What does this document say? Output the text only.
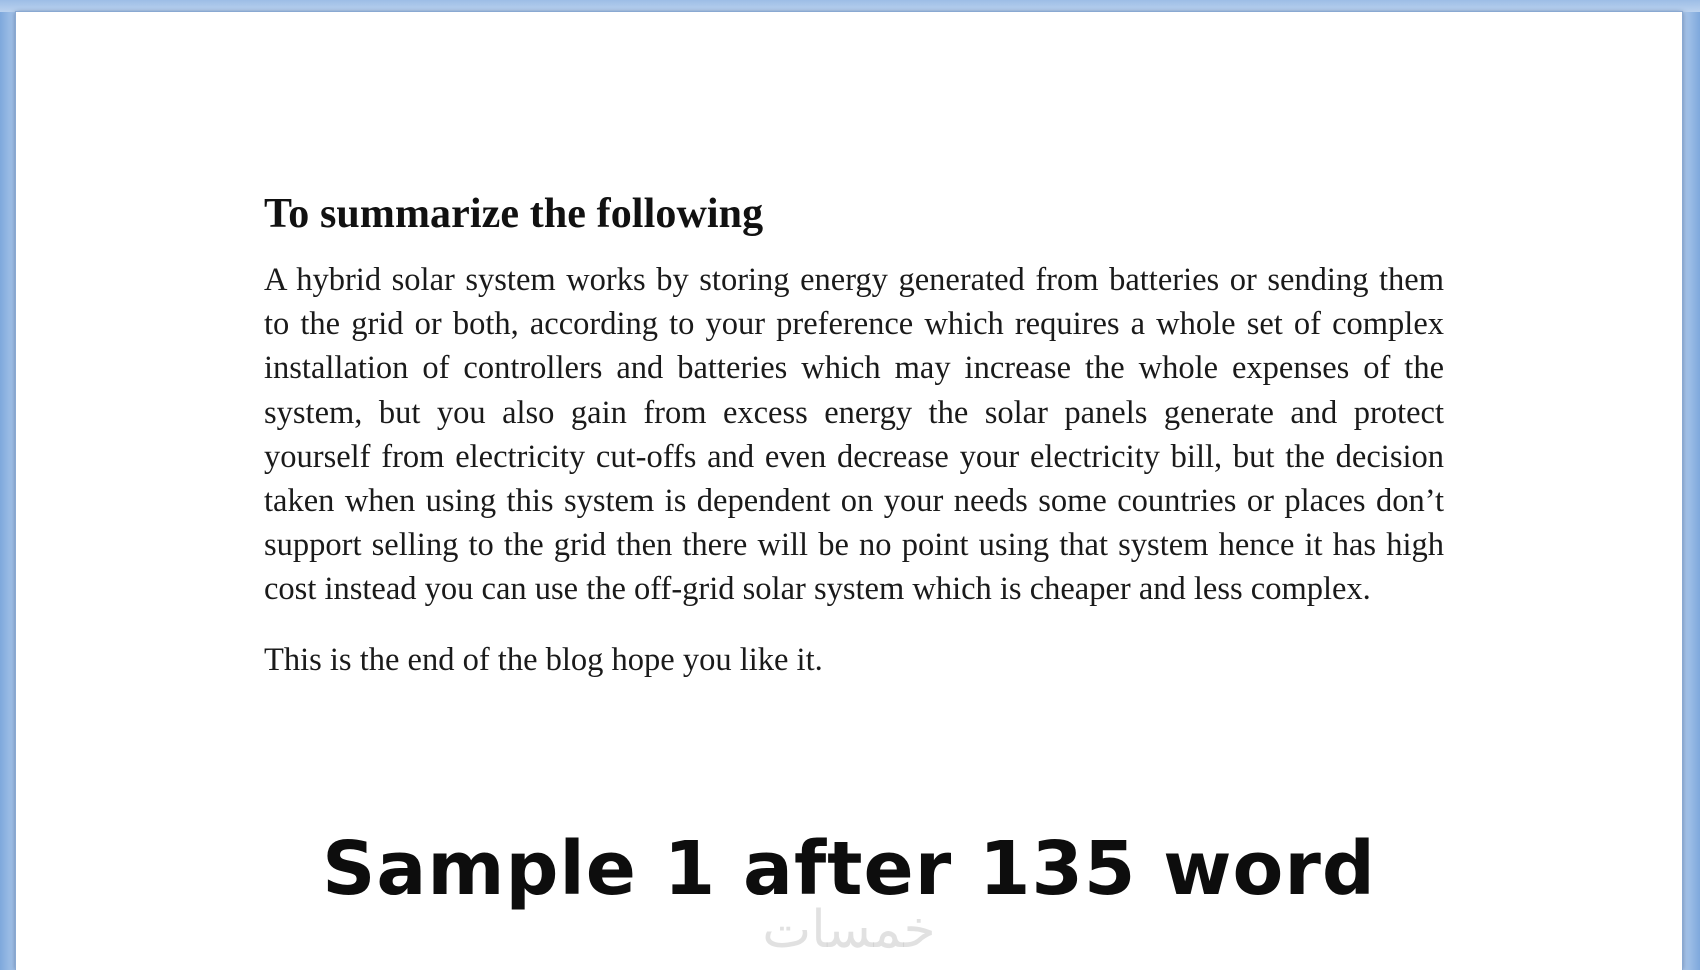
To summarize the following

A hybrid solar system works by storing energy generated from batteries or sending them to the grid or both, according to your preference which requires a whole set of complex installation of controllers and batteries which may increase the whole expenses of the system, but you also gain from excess energy the solar panels generate and protect yourself from electricity cut-offs and even decrease your electricity bill, but the decision taken when using this system is dependent on your needs some countries or places don’t support selling to the grid then there will be no point using that system hence it has high cost instead you can use the off-grid solar system which is cheaper and less complex.

This is the end of the blog hope you like it.

Sample 1 after 135 word
خمسات
